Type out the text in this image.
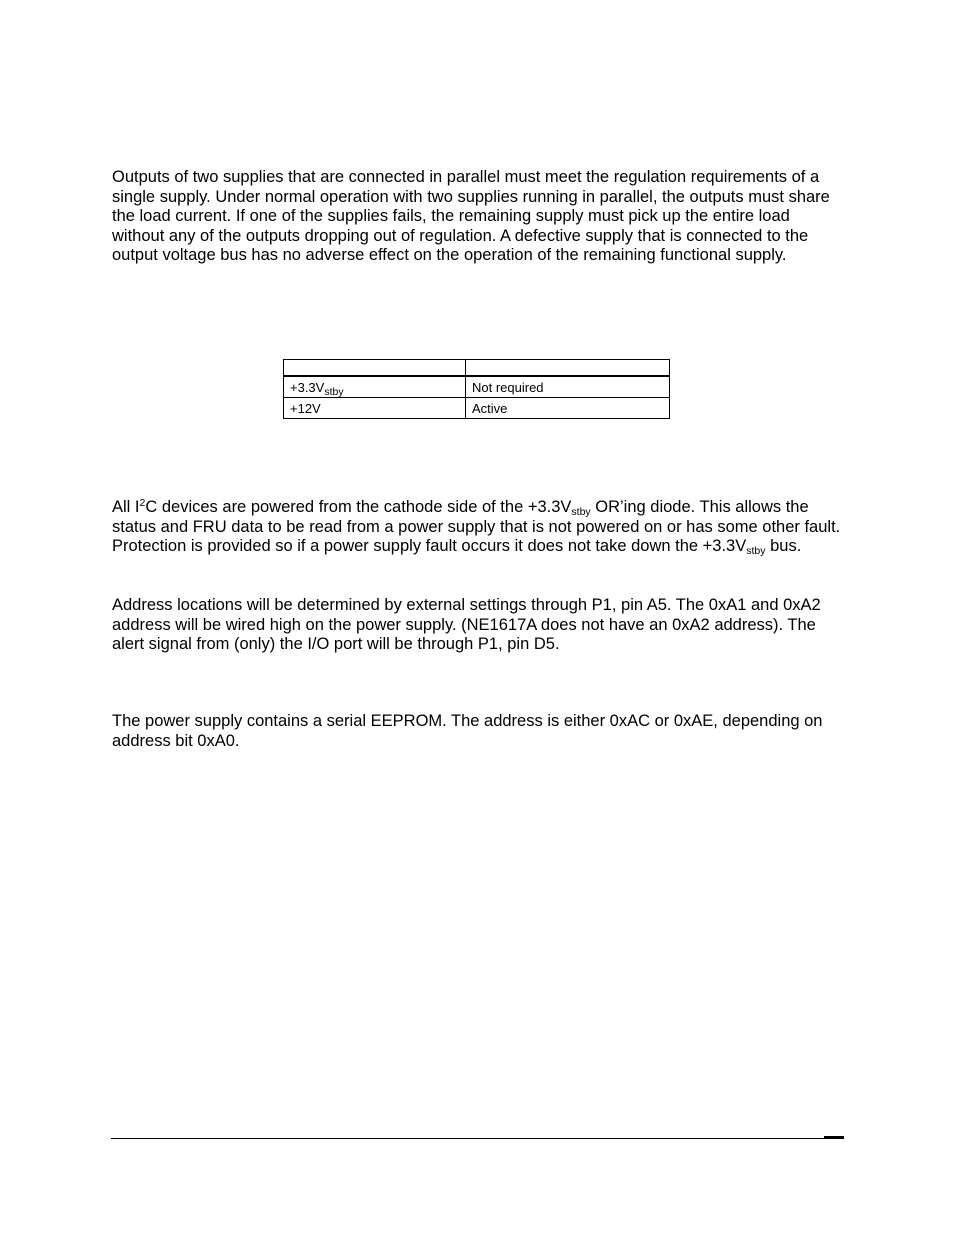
Outputs of two supplies that are connected in parallel must meet the regulation requirements of a single supply. Under normal operation with two supplies running in parallel, the outputs must share the load current. If one of the supplies fails, the remaining supply must pick up the entire load without any of the outputs dropping out of regulation. A defective supply that is connected to the output voltage bus has no adverse effect on the operation of the remaining functional supply.

$+3.3V_{stby}$	Not required
+12V	Active

All $I^2C$ devices are powered from the cathode side of the $+3.3V_{stby}$ OR’ing diode. This allows the status and FRU data to be read from a power supply that is not powered on or has some other fault. Protection is provided so if a power supply fault occurs it does not take down the $+3.3V_{stby}$ bus.

Address locations will be determined by external settings through P1, pin A5. The 0xA1 and 0xA2 address will be wired high on the power supply. (NE1617A does not have an 0xA2 address). The alert signal from (only) the I/O port will be through P1, pin D5.

The power supply contains a serial EEPROM. The address is either 0xAC or 0xAE, depending on address bit 0xA0.
